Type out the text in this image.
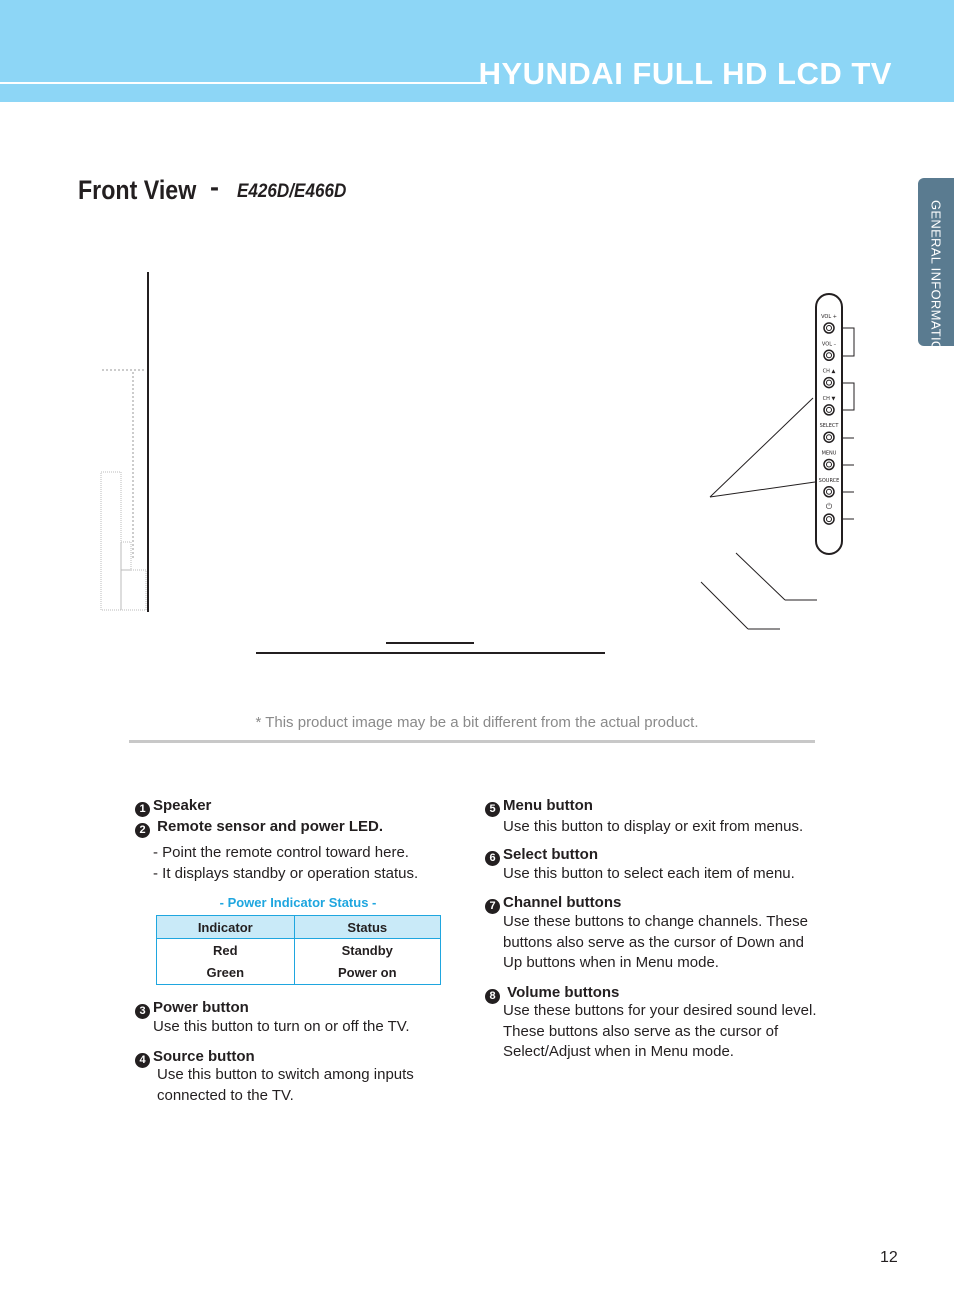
HYUNDAI FULL HD LCD TV
GENERAL INFORMATION
Front View - E426D/E466D
VOL +
VOL –
CH ▲
CH ▼
SELECT
MENU
SOURCE
⏻
* This product image may be a bit different from the actual product.
1 Speaker
2 Remote sensor and power LED.
- Point the remote control toward here.
- It displays standby or operation status.
- Power Indicator Status -
Indicator	Status
Red	Standby
Green	Power on
3 Power button
Use this button to turn on or off the TV.
4 Source button
Use this button to switch among inputs
connected to the TV.
5 Menu button
Use this button to display or exit from menus.
6 Select button
Use this button to select each item of menu.
7 Channel buttons
Use these buttons to change channels. These
buttons also serve as the cursor of Down and
Up buttons when in Menu mode.
8 Volume buttons
Use these buttons for your desired sound level.
These buttons also serve as the cursor of
Select/Adjust when in Menu mode.
12
